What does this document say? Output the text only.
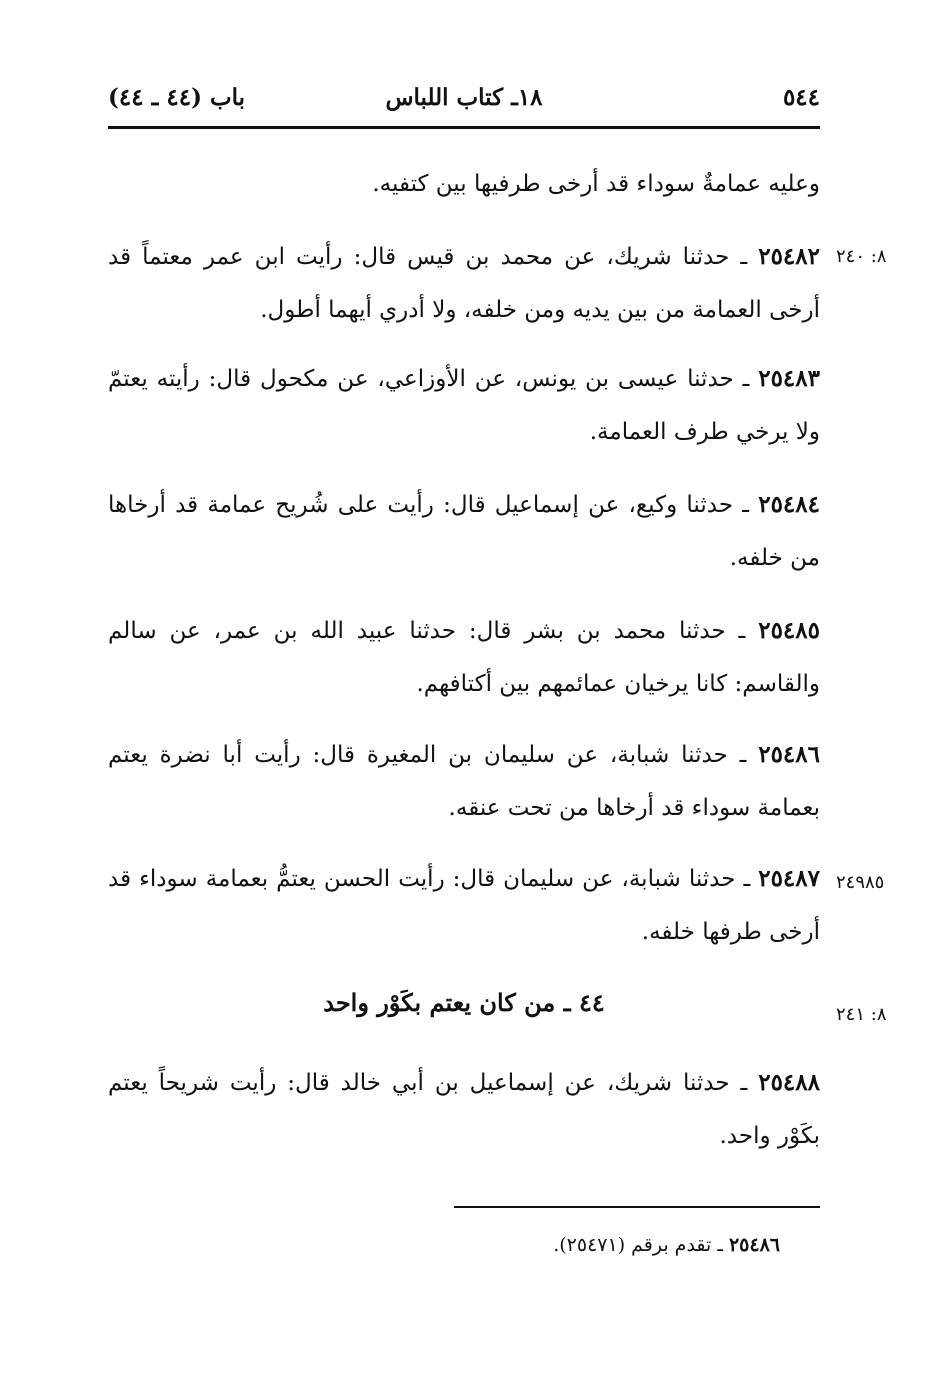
٥٤٤
١٨ـ كتاب اللباس
باب (٤٤ ـ ٤٤)
وعليه عمامةٌ سوداء قد أرخى طرفيها بين كتفيه.
٨: ٢٤٠
٢٥٤٨٢ ـ حدثنا شريك، عن محمد بن قيس قال: رأيت ابن عمر معتماً قد أرخى العمامة من بين يديه ومن خلفه، ولا أدري أيهما أطول.
٢٥٤٨٣ ـ حدثنا عيسى بن يونس، عن الأوزاعي، عن مكحول قال: رأيته يعتمّ ولا يرخي طرف العمامة.
٢٥٤٨٤ ـ حدثنا وكيع، عن إسماعيل قال: رأيت على شُريح عمامة قد أرخاها من خلفه.
٢٥٤٨٥ ـ حدثنا محمد بن بشر قال: حدثنا عبيد الله بن عمر، عن سالم والقاسم: كانا يرخيان عمائمهم بين أكتافهم.
٢٥٤٨٦ ـ حدثنا شبابة، عن سليمان بن المغيرة قال: رأيت أبا نضرة يعتم بعمامة سوداء قد أرخاها من تحت عنقه.
٢٤٩٨٥
٢٥٤٨٧ ـ حدثنا شبابة، عن سليمان قال: رأيت الحسن يعتمُّ بعمامة سوداء قد أرخى طرفها خلفه.
٨: ٢٤١
٤٤ ـ من كان يعتم بكَوْر واحد
٢٥٤٨٨ ـ حدثنا شريك، عن إسماعيل بن أبي خالد قال: رأيت شريحاً يعتم بكَوْر واحد.
٢٥٤٨٦ ـ تقدم برقم (٢٥٤٧١).
